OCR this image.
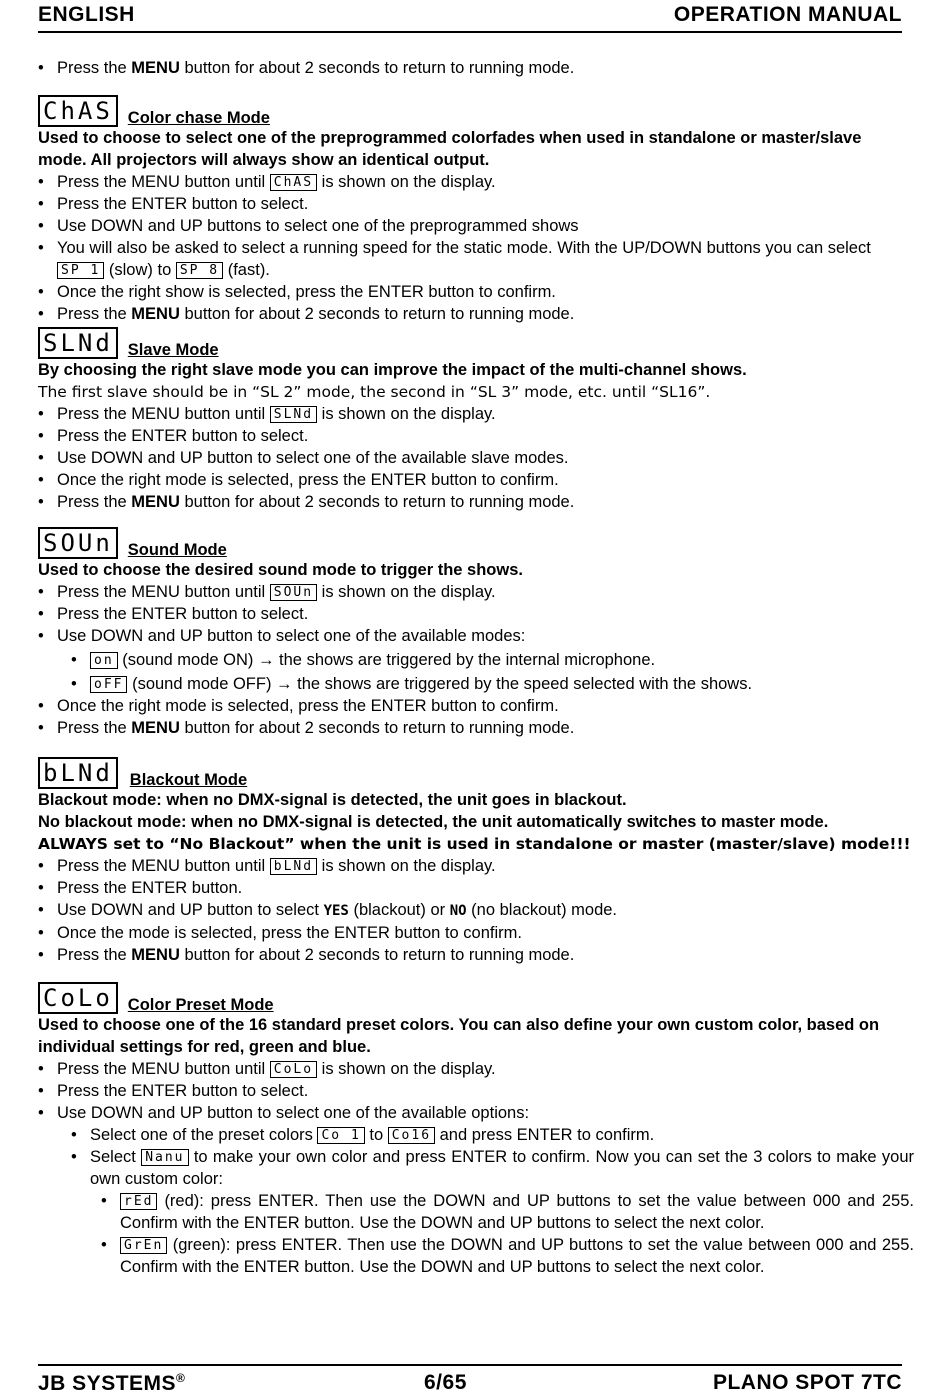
ENGLISH	OPERATION MANUAL
• Press the MENU button for about 2 seconds to return to running mode.
ChAS Color chase Mode
Used to choose to select one of the preprogrammed colorfades when used in standalone or master/slave mode. All projectors will always show an identical output.
• Press the MENU button until ChAS is shown on the display.
• Press the ENTER button to select.
• Use DOWN and UP buttons to select one of the preprogrammed shows
• You will also be asked to select a running speed for the static mode. With the UP/DOWN buttons you can select SP 1 (slow) to SP 8 (fast).
• Once the right show is selected, press the ENTER button to confirm.
• Press the MENU button for about 2 seconds to return to running mode.
SLNd Slave Mode
By choosing the right slave mode you can improve the impact of the multi-channel shows.
The first slave should be in “SL 2” mode, the second in “SL 3” mode, etc. until “SL16”.
• Press the MENU button until SLNd is shown on the display.
• Press the ENTER button to select.
• Use DOWN and UP button to select one of the available slave modes.
• Once the right mode is selected, press the ENTER button to confirm.
• Press the MENU button for about 2 seconds to return to running mode.
SOUn Sound Mode
Used to choose the desired sound mode to trigger the shows.
• Press the MENU button until SOUn is shown on the display.
• Press the ENTER button to select.
• Use DOWN and UP button to select one of the available modes:
• on (sound mode ON) → the shows are triggered by the internal microphone.
• oFF (sound mode OFF) → the shows are triggered by the speed selected with the shows.
• Once the right mode is selected, press the ENTER button to confirm.
• Press the MENU button for about 2 seconds to return to running mode.
bLNd	Blackout Mode
Blackout mode: when no DMX-signal is detected, the unit goes in blackout.
No blackout mode: when no DMX-signal is detected, the unit automatically switches to master mode.
ALWAYS set to “No Blackout” when the unit is used in standalone or master (master/slave) mode!!!
• Press the MENU button until bLNd is shown on the display.
• Press the ENTER button.
• Use DOWN and UP button to select YES (blackout) or NO (no blackout) mode.
• Once the mode is selected, press the ENTER button to confirm.
• Press the MENU button for about 2 seconds to return to running mode.
CoLo Color Preset Mode
Used to choose one of the 16 standard preset colors. You can also define your own custom color, based on individual settings for red, green and blue.
• Press the MENU button until CoLo is shown on the display.
• Press the ENTER button to select.
• Use DOWN and UP button to select one of the available options:
• Select one of the preset colors Co 1 to Co16 and press ENTER to confirm.
• Select Nanu to make your own color and press ENTER to confirm. Now you can set the 3 colors to make your own custom color:
• rEd (red): press ENTER. Then use the DOWN and UP buttons to set the value between 000 and 255. Confirm with the ENTER button. Use the DOWN and UP buttons to select the next color.
• GrEn (green): press ENTER. Then use the DOWN and UP buttons to set the value between 000 and 255. Confirm with the ENTER button. Use the DOWN and UP buttons to select the next color.
JB SYSTEMS®	6/65	PLANO SPOT 7TC
